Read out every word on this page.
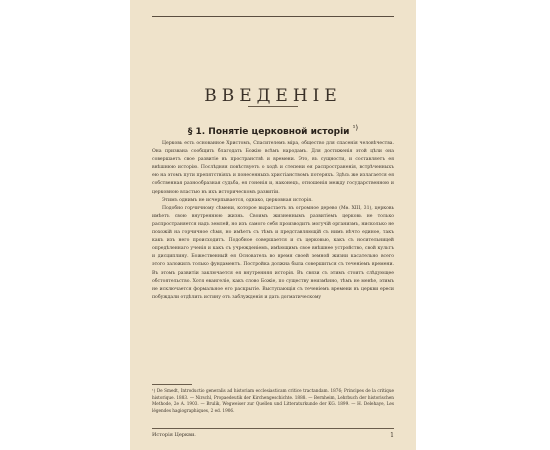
ВВЕДЕНІЕ
§ 1. Понятіе церковной исторіи $^{^1)}$

Церковь есть основанное Христомъ, Спасителемъ міра, общество для спасенія человѣчества. Она призвана сообщить благодать Божію всѣмъ народамъ. Для достиженія этой цѣли она совершаетъ свое развитіе въ пространствѣ и времени. Это, въ сущности, и составляетъ ея внѣшнюю исторію. Послѣдняя повѣствуетъ о ходѣ и степени ея распространенія, встрѣченныхъ ею на этомъ пути препятствіяхъ и понесенныхъ христіанствомъ потеряхъ. Здѣсь же излагается ея собственная разнообразная судьба, ея гоненія и, наконецъ, отношенія между государственною и церковною властью въ ихъ историческомъ развитіи.

Этимъ однимъ не исчерпывается, однако, церковная исторія.

Подобно горчичному сѣмени, которое вырастаетъ въ огромное дерево (Мѳ. XIII, 31), церковь имѣетъ свою внутреннюю жизнь. Своимъ жизненнымъ развитіемъ церковь не только распространяется надъ землей, но изъ самого себя производитъ могучій организмъ, нисколько не похожій на горчичное сѣмя, но имѣетъ съ тѣмъ и представляющій съ нимъ нѣчто единое, такъ какъ изъ него происходитъ. Подобное совершается и съ церковью, какъ съ носительницей опредѣленнаго ученія и какъ съ учрежденіемъ, имѣющимъ свое внѣшнее устройство, свой культъ и дисциплину. Божественный ея Основатель во время своей земной жизни касательно всего этого заложилъ только фундаментъ. Постройка должна была совершиться съ теченіемъ времени. Въ этомъ развитіи заключается ея внутренняя исторія. Въ связи съ этимъ стоитъ слѣдующее обстоятельство. Хотя евангеліе, какъ слово Божіе, по существу неизмѣнно, тѣмъ не менѣе, этимъ не исключается формальное его раскрытіе. Выступающія съ теченіемъ времени въ церкви ереси побуждали отдѣлить истину отъ заблужденія и дать догматическому

¹) De Smedt, Introductio generalis ad historiam ecclesiasticam critice tractandam. 1876; Principes de la critique historique. 1883. — Nirschl, Propaedeutik der Kirchengeschichte. 1888. — Bernheim, Lehrbuch der historischen Methode, 2e A. 1903. — Brulik, Wegweiser zur Quellen und Litteraturkunde der KG. 1899. — H. Delehaye, Les légendes hagiographiques, 2 ed. 1906.
Исторія Церкви.	1
